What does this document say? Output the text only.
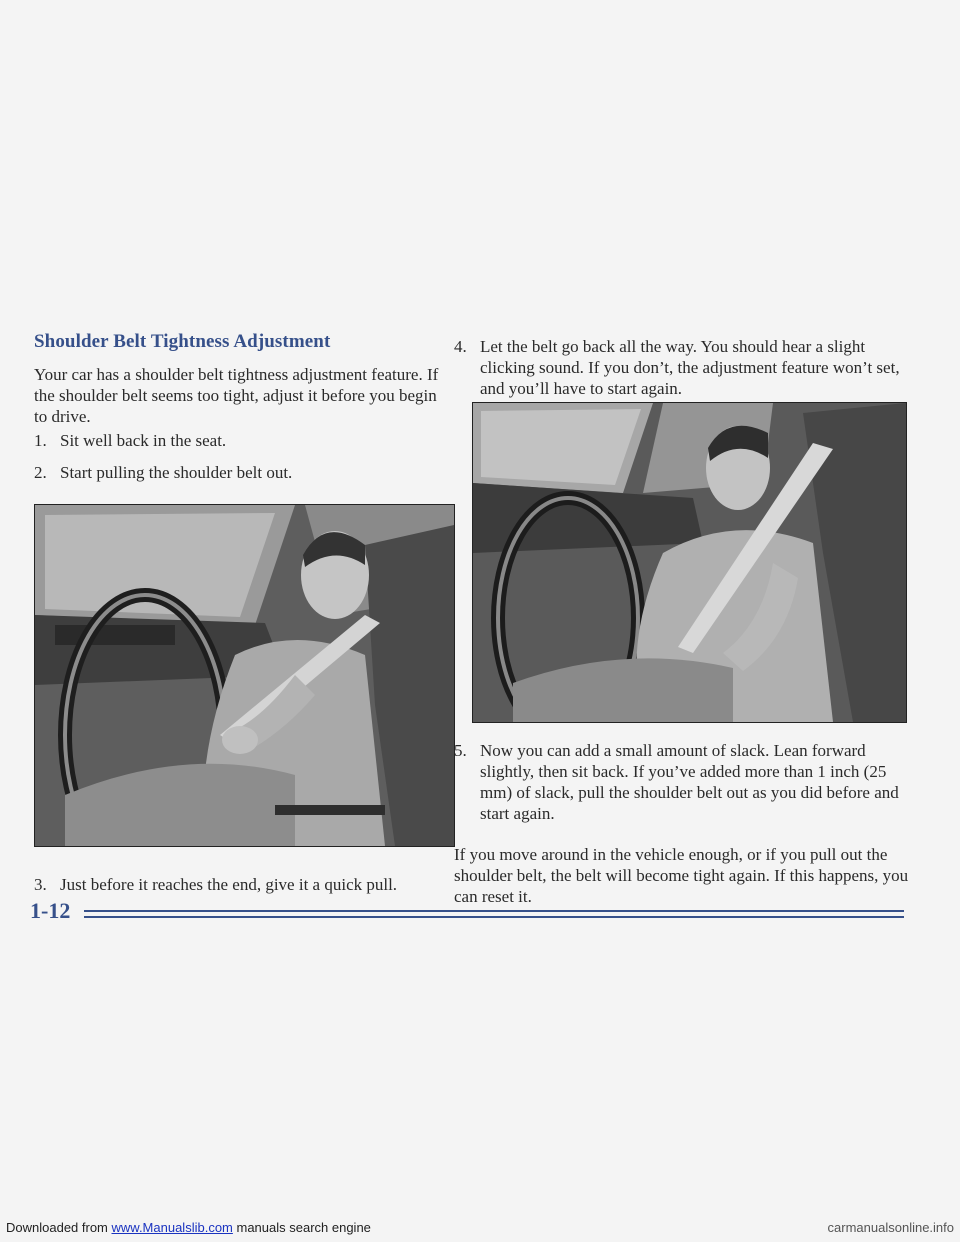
Shoulder Belt Tightness Adjustment

Your car has a shoulder belt tightness adjustment feature. If the shoulder belt seems too tight, adjust it before you begin to drive.

1. Sit well back in the seat.
2. Start pulling the shoulder belt out.
3. Just before it reaches the end, give it a quick pull.
4. Let the belt go back all the way. You should hear a slight clicking sound. If you don’t, the adjustment feature won’t set, and you’ll have to start again.
5. Now you can add a small amount of slack. Lean forward slightly, then sit back. If you’ve added more than 1 inch (25 mm) of slack, pull the shoulder belt out as you did before and start again.

If you move around in the vehicle enough, or if you pull out the shoulder belt, the belt will become tight again. If this happens, you can reset it.

1-12

Downloaded from www.Manualslib.com manuals search engine	carmanualsonline.info
